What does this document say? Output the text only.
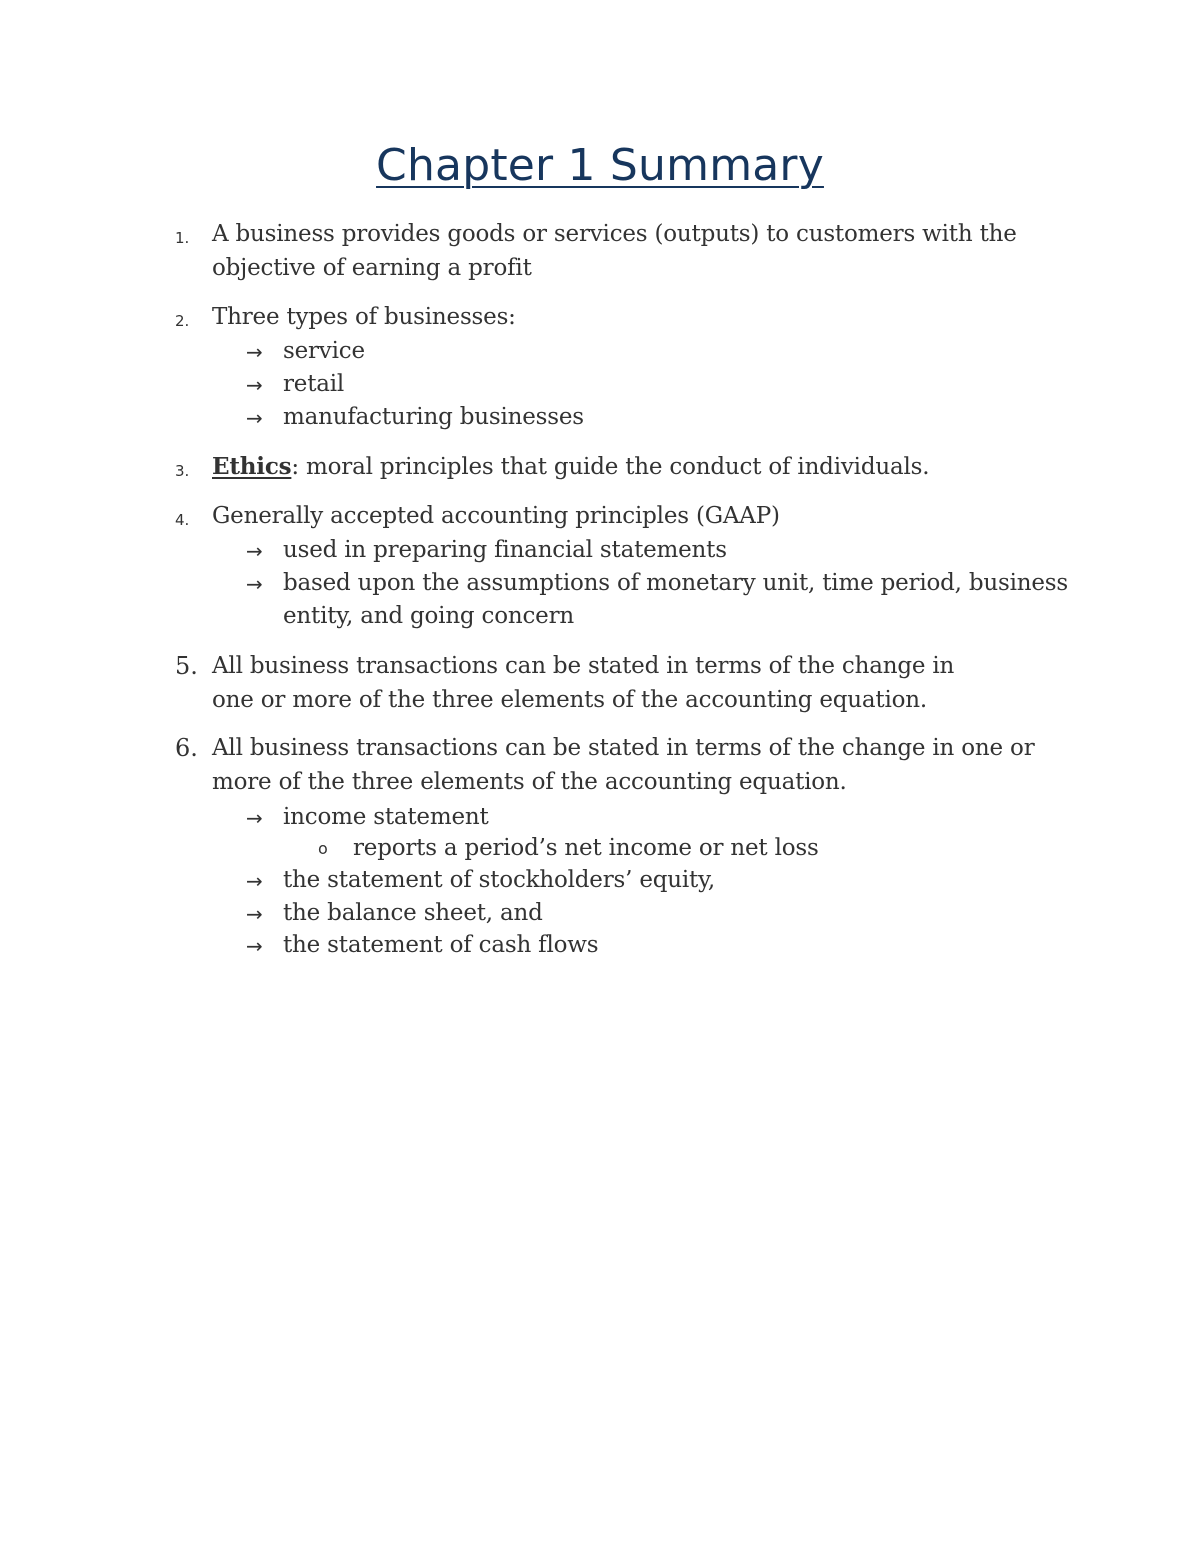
Chapter 1 Summary
1. A business provides goods or services (outputs) to customers with the
objective of earning a profit
2. Three types of businesses:
→ service
→ retail
→ manufacturing businesses
3. Ethics: moral principles that guide the conduct of individuals.
4. Generally accepted accounting principles (GAAP)
→ used in preparing financial statements
→ based upon the assumptions of monetary unit, time period, business
entity, and going concern
5. All business transactions can be stated in terms of the change in
one or more of the three elements of the accounting equation.
6. All business transactions can be stated in terms of the change in one or
more of the three elements of the accounting equation.
→ income statement
o reports a period’s net income or net loss
→ the statement of stockholders’ equity,
→ the balance sheet, and
→ the statement of cash flows
